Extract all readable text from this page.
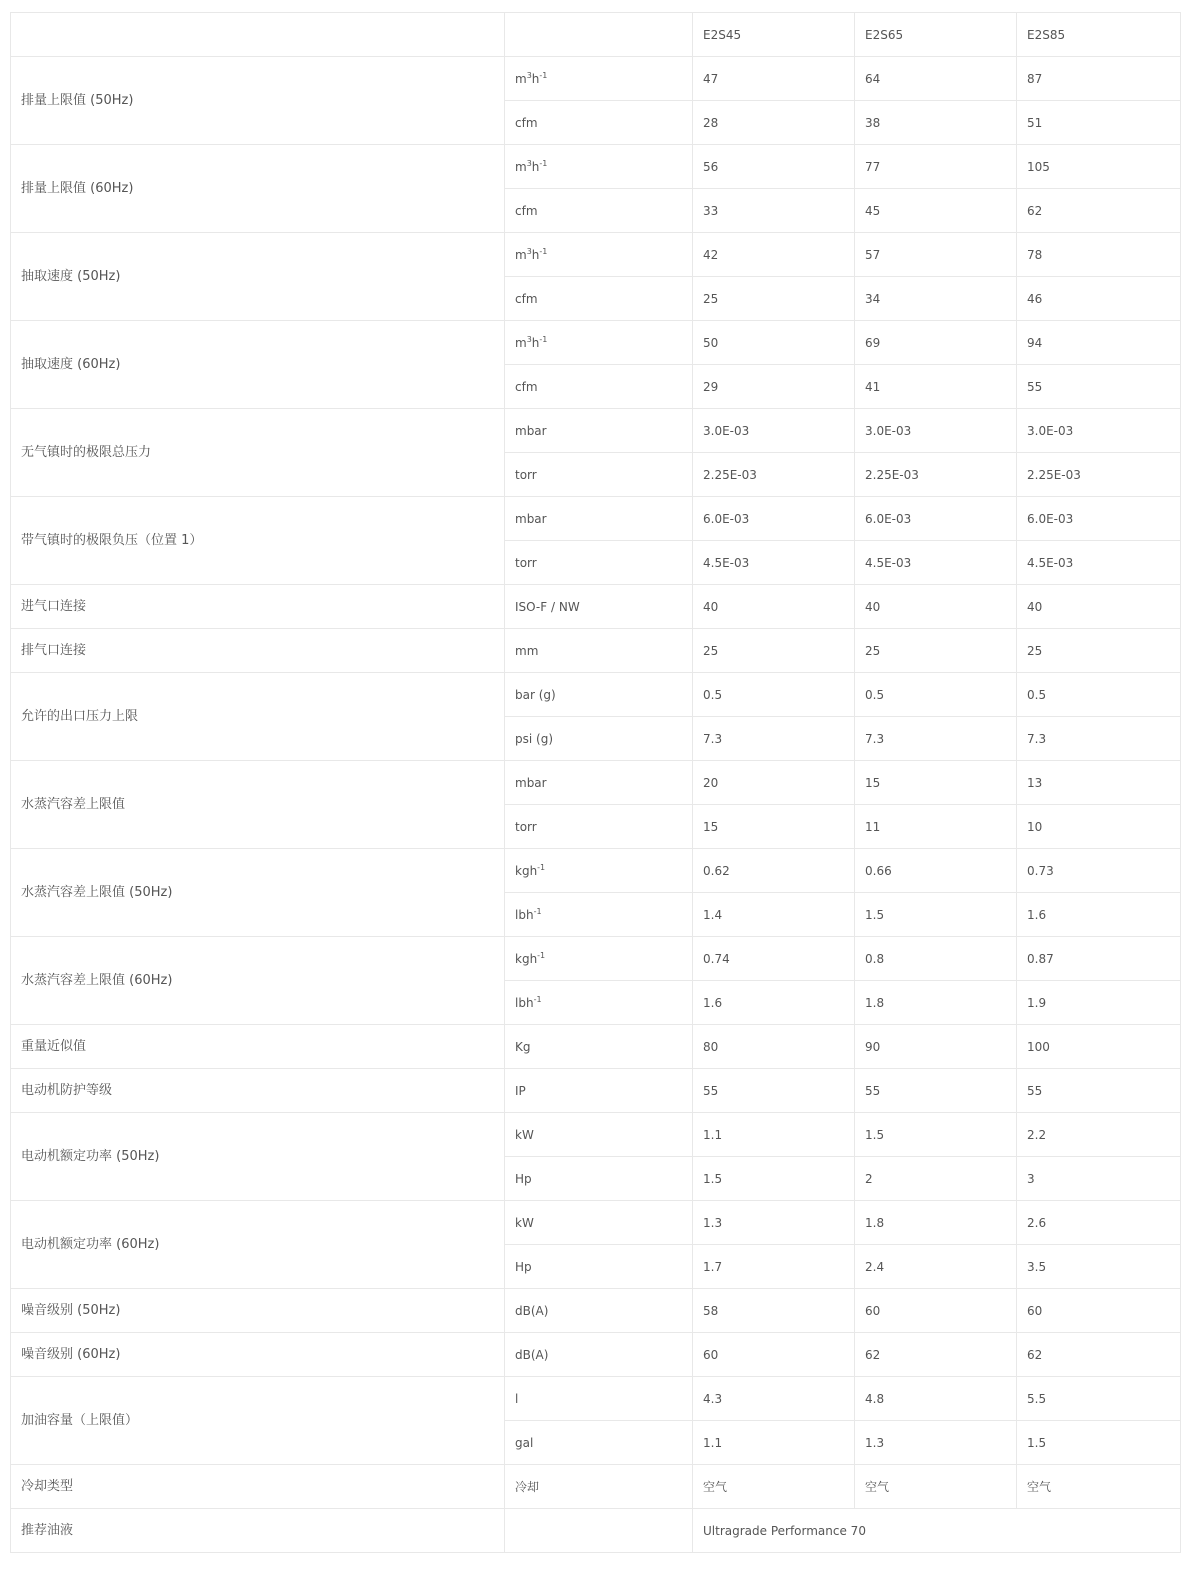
		E2S45	E2S65	E2S85
排量上限值 (50Hz)	$m^3h^{-1}$	47	64	87
	cfm	28	38	51
排量上限值 (60Hz)	$m^3h^{-1}$	56	77	105
	cfm	33	45	62
抽取速度 (50Hz)	$m^3h^{-1}$	42	57	78
	cfm	25	34	46
抽取速度 (60Hz)	$m^3h^{-1}$	50	69	94
	cfm	29	41	55
无气镇时的极限总压力	mbar	3.0E-03	3.0E-03	3.0E-03
	torr	2.25E-03	2.25E-03	2.25E-03
带气镇时的极限负压（位置 1）	mbar	6.0E-03	6.0E-03	6.0E-03
	torr	4.5E-03	4.5E-03	4.5E-03
进气口连接	ISO-F / NW	40	40	40
排气口连接	mm	25	25	25
允许的出口压力上限	bar (g)	0.5	0.5	0.5
	psi (g)	7.3	7.3	7.3
水蒸汽容差上限值	mbar	20	15	13
	torr	15	11	10
水蒸汽容差上限值 (50Hz)	kgh$^{-1}$	0.62	0.66	0.73
	lbh$^{-1}$	1.4	1.5	1.6
水蒸汽容差上限值 (60Hz)	kgh$^{-1}$	0.74	0.8	0.87
	lbh$^{-1}$	1.6	1.8	1.9
重量近似值	Kg	80	90	100
电动机防护等级	IP	55	55	55
电动机额定功率 (50Hz)	kW	1.1	1.5	2.2
	Hp	1.5	2	3
电动机额定功率 (60Hz)	kW	1.3	1.8	2.6
	Hp	1.7	2.4	3.5
噪音级别 (50Hz)	dB(A)	58	60	60
噪音级别 (60Hz)	dB(A)	60	62	62
加油容量（上限值）	l	4.3	4.8	5.5
	gal	1.1	1.3	1.5
冷却类型	冷却	空气	空气	空气
推荐油液		Ultragrade Performance 70		
